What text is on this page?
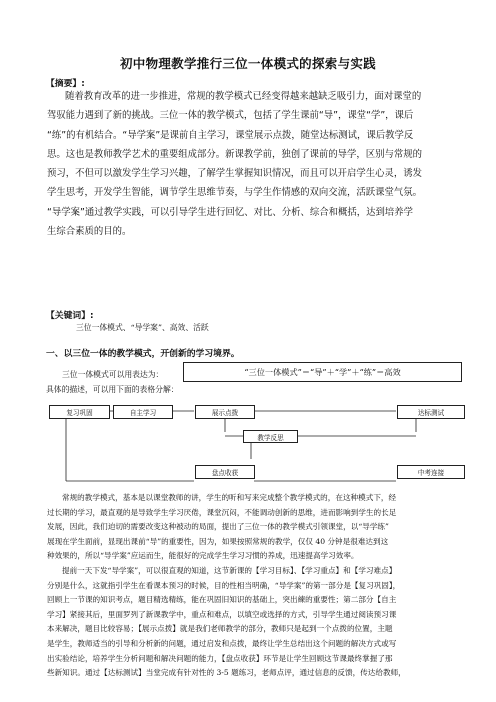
初中物理教学推行三位一体模式的探索与实践
【摘要】:
随着教育改革的进一步推进，常规的教学模式已经变得越来越缺乏吸引力，面对课堂的
驾驭能力遇到了新的挑战。三位一体的教学模式，包括了学生课前“导”，课堂“学”，课后
“练”的有机结合。“导学案”是课前自主学习，课堂展示点拨，随堂达标测试，课后教学反
思。这也是教师教学艺术的重要组成部分。新课教学前，独创了课前的导学，区别与常规的
预习，不但可以激发学生学习兴趣，了解学生掌握知识情况，而且可以开启学生心灵，诱发
学生思考，开发学生智能，调节学生思维节奏，与学生作情感的双向交流，活跃课堂气氛。
“导学案”通过教学实践，可以引导学生进行回忆、对比、分析、综合和概括，达到培养学
生综合素质的目的。
【关键词】:
三位一体模式、“导学案”、高效、活跃
一、以三位一体的教学模式，开创新的学习境界。
三位一体模式可以用表达为：	“三位一体模式”＝“导”＋“学”＋“练”＝高效
具体的描述，可以用下面的表格分解：
复习巩固	自主学习	展示点拨	达标测试
教学反思
盘点收获	中考连接
常规的教学模式，基本是以课堂教师的讲，学生的听和写来完成整个教学模式的，在这种模式下，经
过长期的学习，最直观的是导致学生学习厌倦，课堂沉闷，不能调动创新的思维，进而影响到学生的长足
发展，因此，我们迫切的需要改变这种被动的局面，提出了三位一体的教学模式引领课堂，以“导学练”
展现在学生面前，显现出课前“导”的重要性，因为，如果按照常规的教学，仅仅 40 分钟是很难达到这
种效果的，所以“导学案”应运而生，能很好的完成学生学习习惯的养成，迅速提高学习效率。
提前一天下发“导学案”，可以很直观的知道，这节新课的【学习目标】、【学习重点】和【学习难点】
分别是什么，这就指引学生在看课本预习的时候，目的性相当明确，“导学案”的第一部分是【复习巩固】，
回顾上一节课的知识考点，题目精选精练，能在巩固旧知识的基础上，突出練的重要性；第二部分【自主
学习】紧接其后，里面罗列了新课教学中，重点和难点，以填空或选择的方式，引导学生通过阅读预习课
本来解决，题目比较容易；【展示点拨】就是我们老师教学的部分，教师只是起到一个点拨的位置，主题
是学生，教师适当的引导和分析新的问题，通过启发和点拨，最终让学生总结出这个问题的解决方式或写
出实验结论，培养学生分析问题和解决问题的能力，【盘点收获】环节是让学生回顾这节课最终掌握了那
些新知识。通过【达标测试】当堂完成有针对性的 3-5 题练习，老师点评，通过信息的反馈，传达给教师，
